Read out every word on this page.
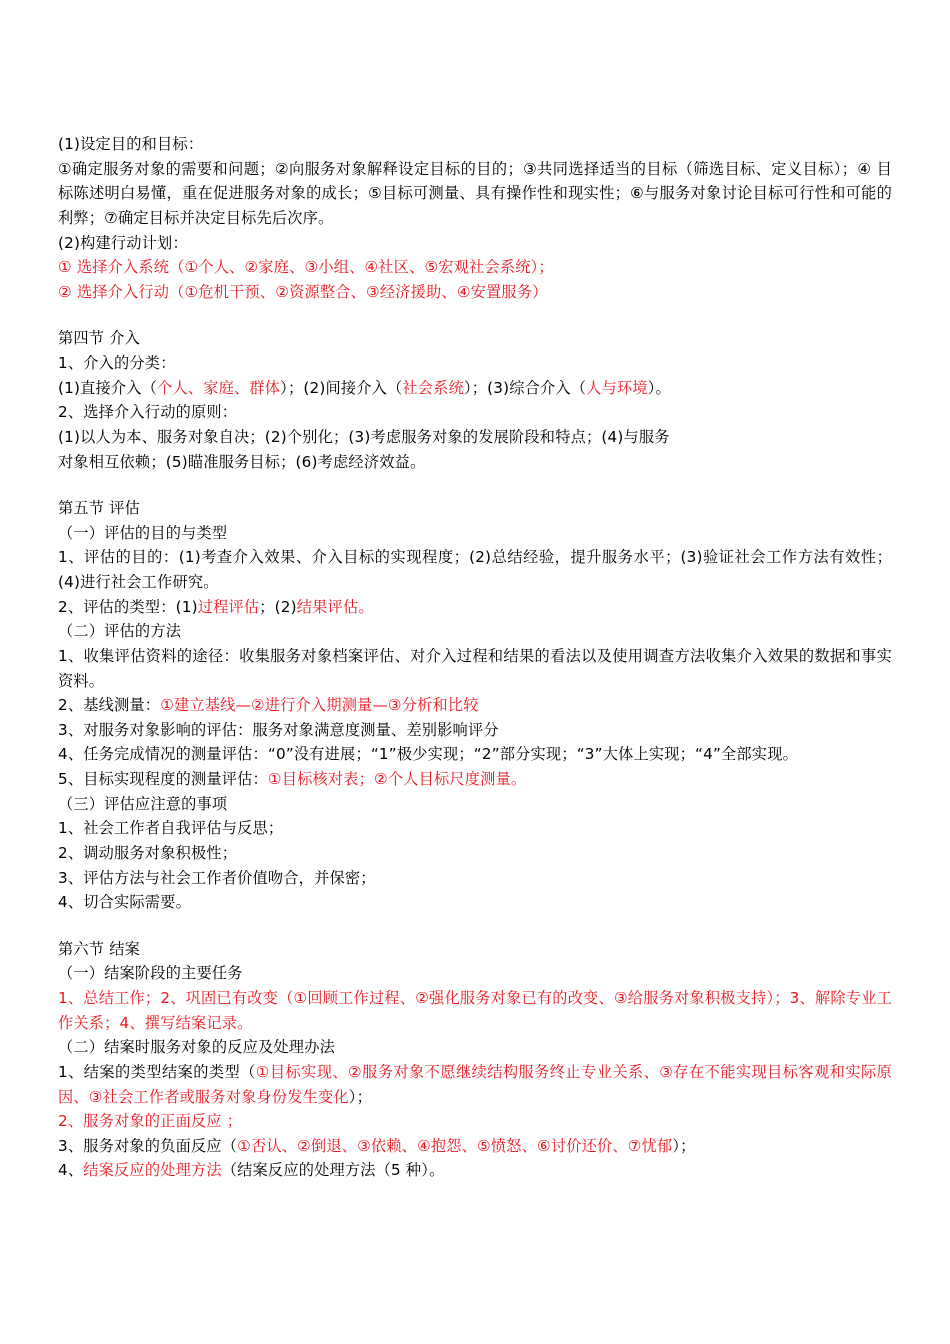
(1)设定目的和目标：

①确定服务对象的需要和问题；②向服务对象解释设定目标的目的；③共同选择适当的目标（筛选目标、定义目标）；④ 目标陈述明白易懂，重在促进服务对象的成长；⑤目标可测量、具有操作性和现实性；⑥与服务对象讨论目标可行性和可能的利弊；⑦确定目标并决定目标先后次序。

(2)构建行动计划：

① 选择介入系统（①个人、②家庭、③小组、④社区、⑤宏观社会系统）；

② 选择介入行动（①危机干预、②资源整合、③经济援助、④安置服务）

第四节 介入

1、介入的分类：

(1)直接介入（个人、家庭、群体）；(2)间接介入（社会系统）；(3)综合介入（人与环境）。

2、选择介入行动的原则：

(1)以人为本、服务对象自决；(2)个别化；(3)考虑服务对象的发展阶段和特点；(4)与服务

对象相互依赖；(5)瞄准服务目标；(6)考虑经济效益。

第五节 评估

（一）评估的目的与类型

1、评估的目的：(1)考查介入效果、介入目标的实现程度；(2)总结经验，提升服务水平；(3)验证社会工作方法有效性；(4)进行社会工作研究。

2、评估的类型：(1)过程评估；(2)结果评估。

（二）评估的方法

1、收集评估资料的途径：收集服务对象档案评估、对介入过程和结果的看法以及使用调查方法收集介入效果的数据和事实资料。

2、基线测量：①建立基线—②进行介入期测量—③分析和比较

3、对服务对象影响的评估：服务对象满意度测量、差别影响评分

4、任务完成情况的测量评估：“0”没有进展；“1”极少实现；“2”部分实现；“3”大体上实现；“4”全部实现。

5、目标实现程度的测量评估：①目标核对表；②个人目标尺度测量。

（三）评估应注意的事项

1、社会工作者自我评估与反思；

2、调动服务对象积极性；

3、评估方法与社会工作者价值吻合，并保密；

4、切合实际需要。

第六节 结案

（一）结案阶段的主要任务

1、总结工作；2、巩固已有改变（①回顾工作过程、②强化服务对象已有的改变、③给服务对象积极支持）；3、解除专业工作关系；4、撰写结案记录。

（二）结案时服务对象的反应及处理办法

1、结案的类型结案的类型（①目标实现、②服务对象不愿继续结构服务终止专业关系、③存在不能实现目标客观和实际原因、③社会工作者或服务对象身份发生变化）；

2、服务对象的正面反应 ；

3、服务对象的负面反应（①否认、②倒退、③依赖、④抱怨、⑤愤怒、⑥讨价还价、⑦忧郁）；

4、结案反应的处理方法（结案反应的处理方法（5 种）。
